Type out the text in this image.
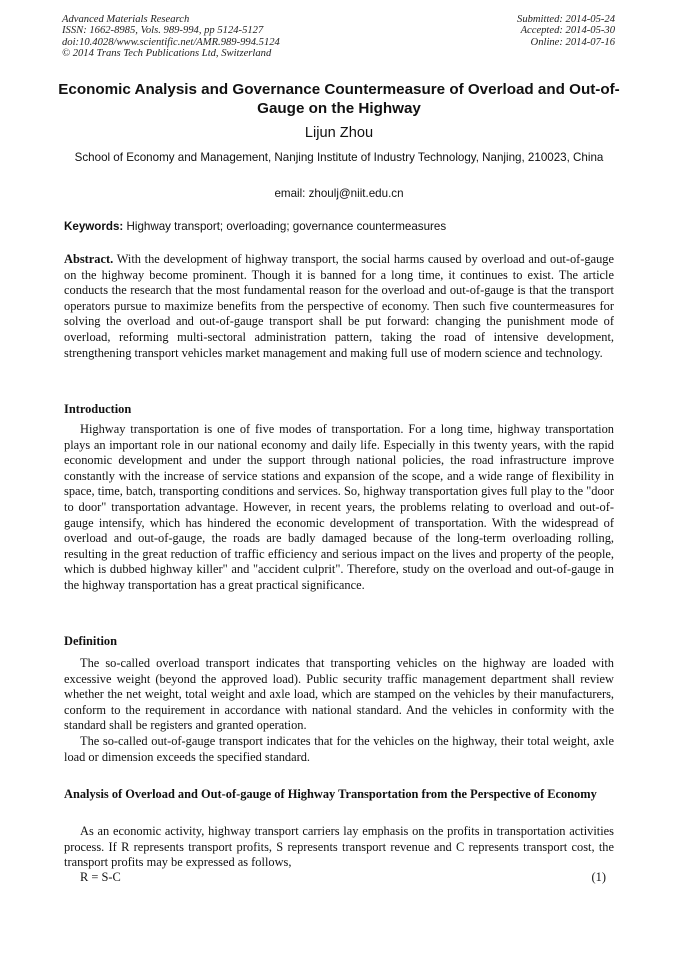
Advanced Materials Research
ISSN: 1662-8985, Vols. 989-994, pp 5124-5127
doi:10.4028/www.scientific.net/AMR.989-994.5124
© 2014 Trans Tech Publications Ltd, Switzerland
Submitted: 2014-05-24
Accepted: 2014-05-30
Online: 2014-07-16
Economic Analysis and Governance Countermeasure of Overload and Out-of-Gauge on the Highway
Lijun Zhou
School of Economy and Management, Nanjing Institute of Industry Technology, Nanjing, 210023, China
email: zhoulj@niit.edu.cn
Keywords: Highway transport; overloading; governance countermeasures

Abstract. With the development of highway transport, the social harms caused by overload and out-of-gauge on the highway become prominent. Though it is banned for a long time, it continues to exist. The article conducts the research that the most fundamental reason for the overload and out-of-gauge is that the transport operators pursue to maximize benefits from the perspective of economy. Then such five countermeasures for solving the overload and out-of-gauge transport shall be put forward: changing the punishment mode of overload, reforming multi-sectoral administration pattern, taking the road of intensive development, strengthening transport vehicles market management and making full use of modern science and technology.

Introduction

Highway transportation is one of five modes of transportation. For a long time, highway transportation plays an important role in our national economy and daily life. Especially in this twenty years, with the rapid economic development and under the support through national policies, the road infrastructure improve constantly with the increase of service stations and expansion of the scope, and a wide range of flexibility in space, time, batch, transporting conditions and services. So, highway transportation gives full play to the "door to door" transportation advantage. However, in recent years, the problems relating to overload and out-of-gauge intensify, which has hindered the economic development of transportation. With the widespread of overload and out-of-gauge, the roads are badly damaged because of the long-term overloading rolling, resulting in the great reduction of traffic efficiency and serious impact on the lives and property of the people, which is dubbed highway killer" and "accident culprit". Therefore, study on the overload and out-of-gauge in the highway transportation has a great practical significance.

Definition

The so-called overload transport indicates that transporting vehicles on the highway are loaded with excessive weight (beyond the approved load). Public security traffic management department shall review whether the net weight, total weight and axle load, which are stamped on the vehicles by their manufacturers, conform to the requirement in accordance with national standard. And the vehicles in conformity with the standard shall be registers and granted operation.

The so-called out-of-gauge transport indicates that for the vehicles on the highway, their total weight, axle load or dimension exceeds the specified standard.

Analysis of Overload and Out-of-gauge of Highway Transportation from the Perspective of Economy

As an economic activity, highway transport carriers lay emphasis on the profits in transportation activities process. If R represents transport profits, S represents transport revenue and C represents transport cost, the transport profits may be expressed as follows,

R = S-C	(1)
